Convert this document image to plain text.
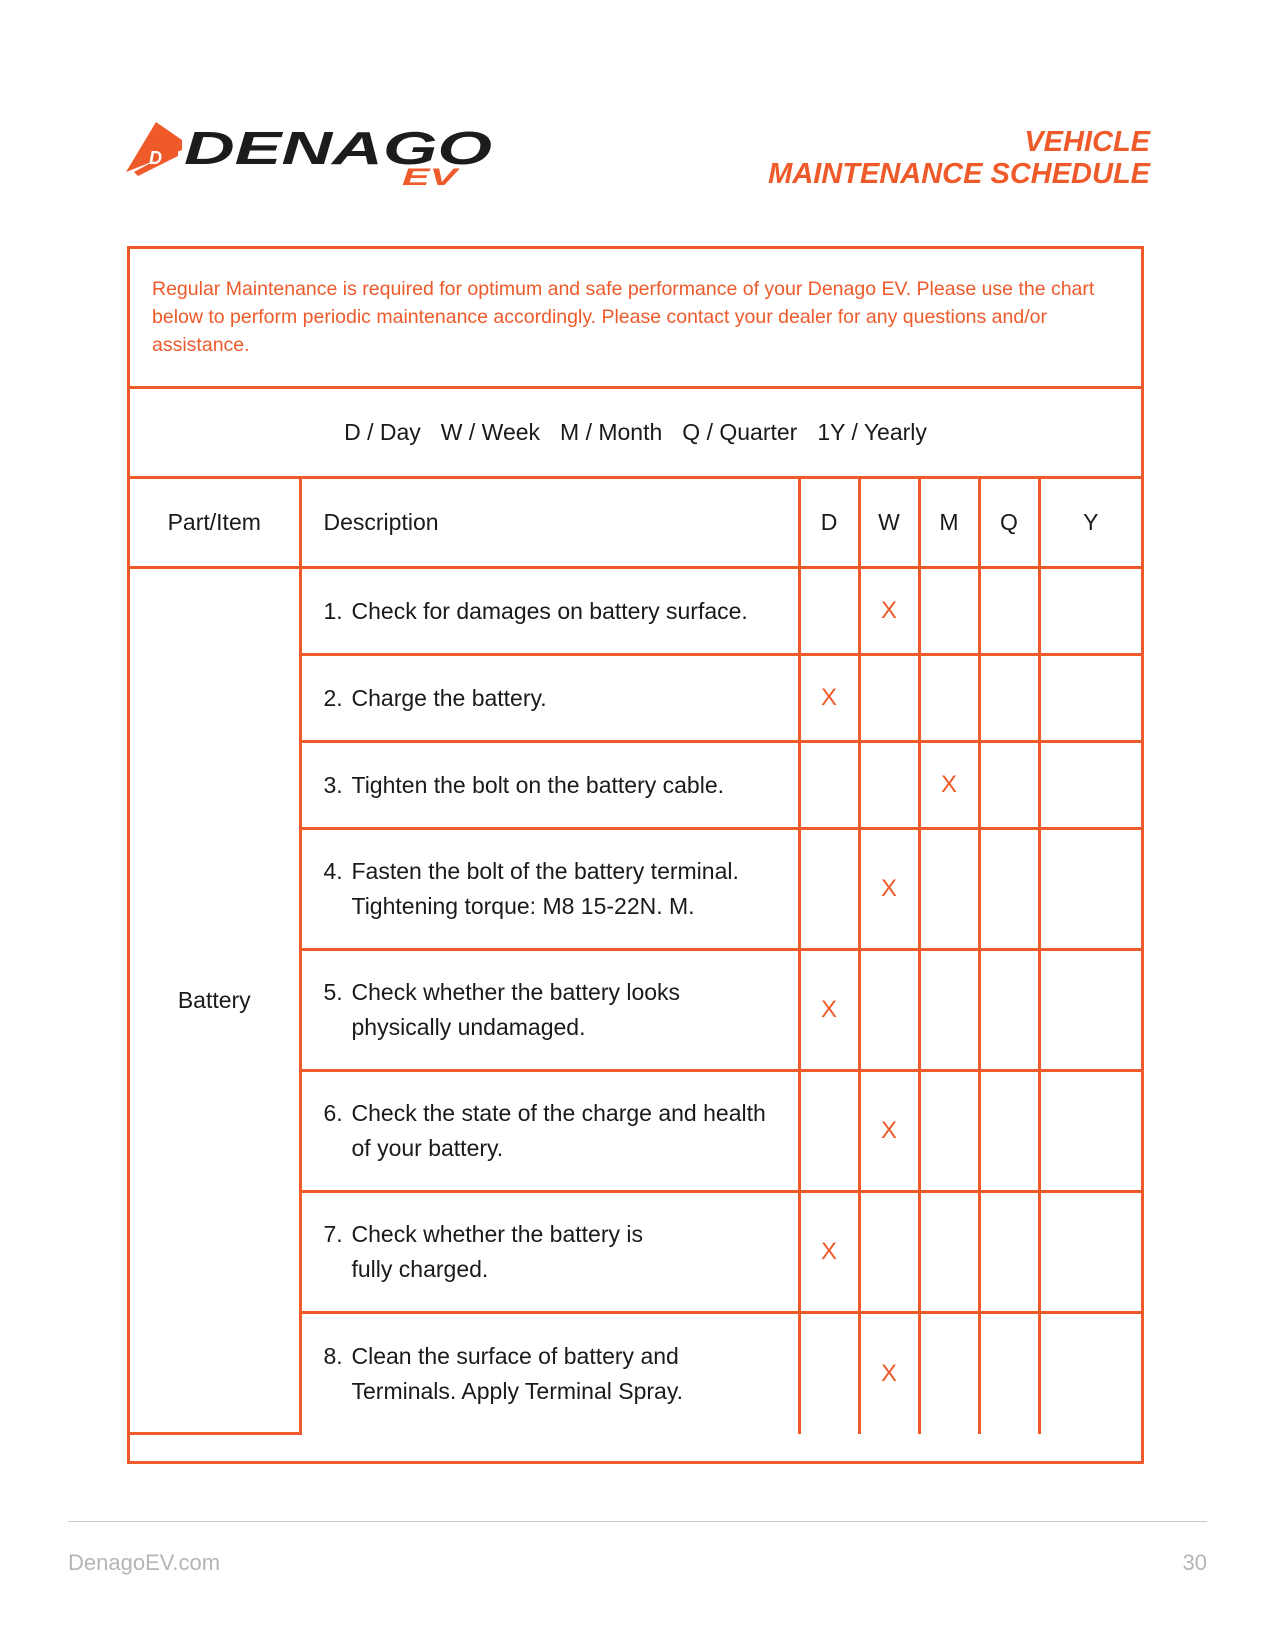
D DENAGO
EV
VEHICLE
MAINTENANCE SCHEDULE
Regular Maintenance is required for optimum and safe performance of your Denago EV. Please use the chart below to perform periodic maintenance accordingly. Please contact your dealer for any questions and/or assistance.
D / Day W / Week M / Month Q / Quarter 1Y / Yearly
Part/Item	Description	D	W	M	Q	Y
Battery	1. Check for damages on battery surface.		X			

	2. Charge the battery.	X				

	3. Tighten the bolt on the battery cable.			X		

	4. Fasten the bolt of the battery terminal.
Tightening torque: M8 15-22N. M.		X			

	5. Check whether the battery looks
physically undamaged.	X				

	6. Check the state of the charge and health
of your battery.		X			

	7. Check whether the battery is
fully charged.	X				

	8. Clean the surface of battery and
Terminals. Apply Terminal Spray.		X			
DenagoEV.com	30
